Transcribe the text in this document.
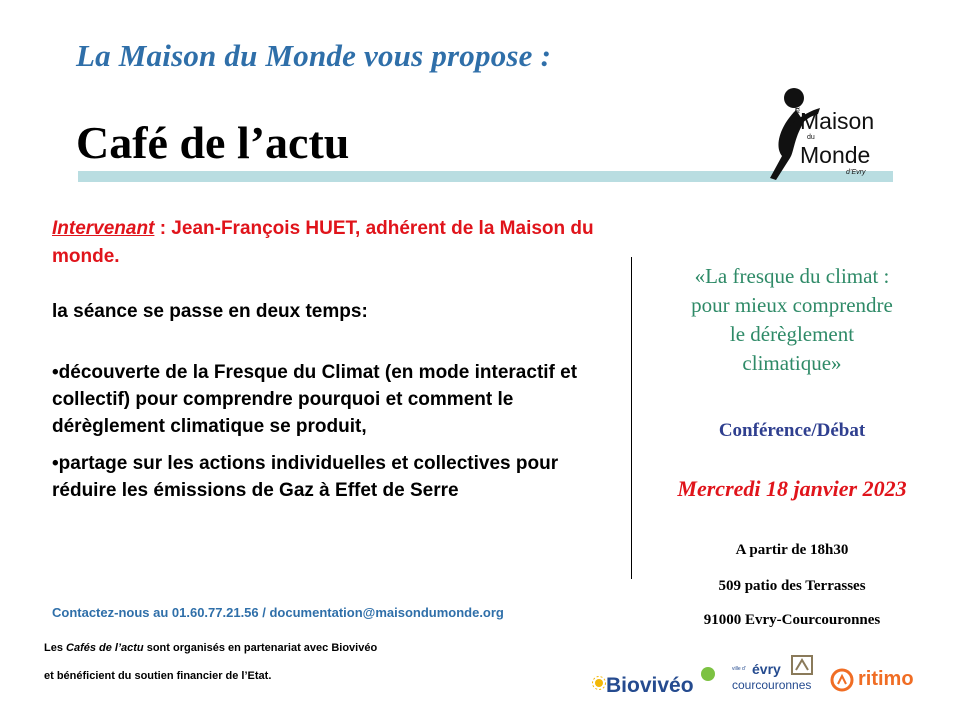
La Maison du Monde vous propose :
Café de l’actu
la
Maison
du
Monde
d’Evry

Intervenant : Jean-François HUET, adhérent de la Maison du monde.

la séance se passe en deux temps:

•découverte de la Fresque du Climat (en mode interactif et collectif) pour comprendre pourquoi et comment le dérèglement climatique se produit,

•partage sur les actions individuelles et collectives pour réduire les émissions de Gaz à Effet de Serre

«La fresque du climat :
pour mieux comprendre
le dérèglement
climatique»
Conférence/Débat
Mercredi 18 janvier 2023
A partir de 18h30
509 patio des Terrasses
91000 Evry-Courcouronnes
Contactez-nous au 01.60.77.21.56 / documentation@maisondumonde.org
Les Cafés de l’actu sont organisés en partenariat avec Biovivéo
et bénéficient du soutien financier de l’Etat.	Biovivéo
ville d’ évry
courcouronnes ritimo
